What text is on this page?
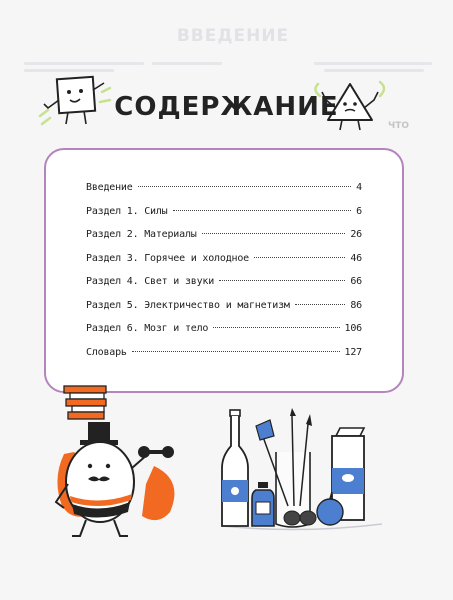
ВВЕДЕНИЕ
СОДЕРЖАНИЕ
ЧТО
Введение	4
Раздел 1. Силы	6
Раздел 2. Материалы	26
Раздел 3. Горячее и холодное	46
Раздел 4. Свет и звуки	66
Раздел 5. Электричество и магнетизм	86
Раздел 6. Мозг и тело	106
Словарь	127
